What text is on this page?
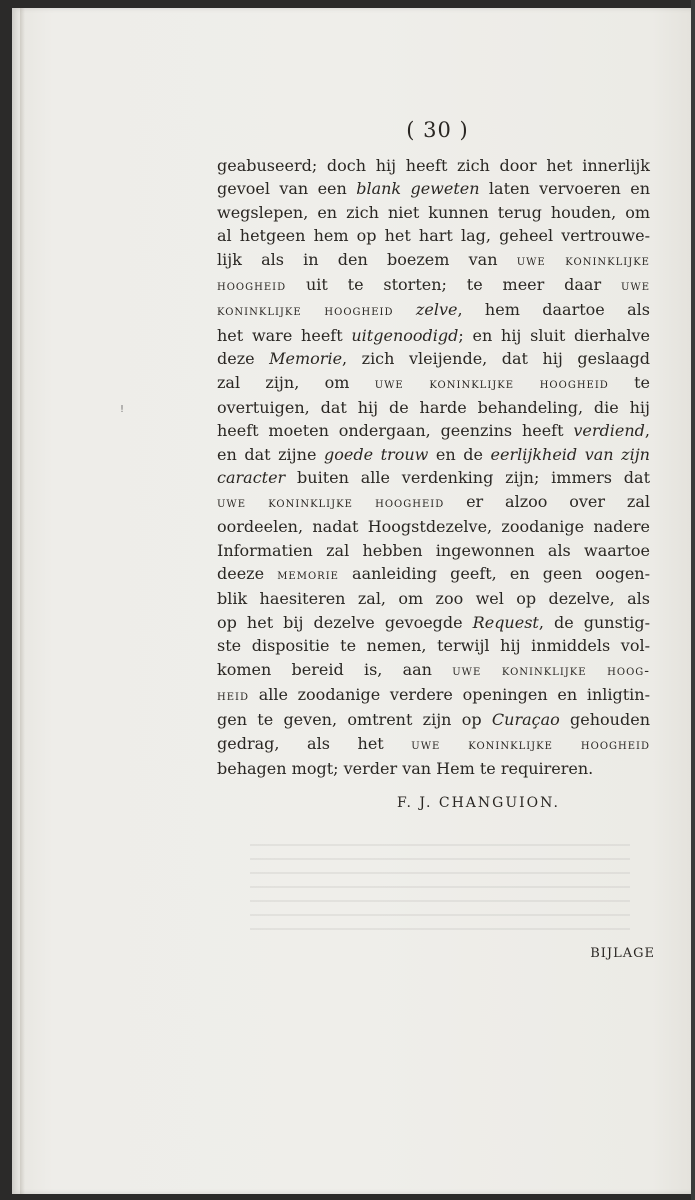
!
( 30 )
geabuseerd; doch hij heeft zich door het innerlijk
gevoel van een blank geweten laten vervoeren en
wegslepen, en zich niet kunnen terug houden, om
al hetgeen hem op het hart lag, geheel vertrouwe-
lijk als in den boezem van uwe koninklijke
hoogheid uit te storten; te meer daar uwe
koninklijke hoogheid zelve, hem daartoe als
het ware heeft uitgenoodigd; en hij sluit dierhalve
deze Memorie, zich vleijende, dat hij geslaagd
zal zijn, om uwe koninklijke hoogheid te
overtuigen, dat hij de harde behandeling, die hij
heeft moeten ondergaan, geenzins heeft verdiend,
en dat zijne goede trouw en de eerlijkheid van zijn
caracter buiten alle verdenking zijn; immers dat
uwe koninklijke hoogheid er alzoo over zal
oordeelen, nadat Hoogstdezelve, zoodanige nadere
Informatien zal hebben ingewonnen als waartoe
deeze memorie aanleiding geeft, en geen oogen-
blik haesiteren zal, om zoo wel op dezelve, als
op het bij dezelve gevoegde Request, de gunstig-
ste dispositie te nemen, terwijl hij inmiddels vol-
komen bereid is, aan uwe koninklijke hoog-
heid alle zoodanige verdere openingen en inligtin-
gen te geven, omtrent zijn op Curaçao gehouden
gedrag, als het uwe koninklijke hoogheid
behagen mogt; verder van Hem te requireren.
F. J. CHANGUION.
BIJLAGE
